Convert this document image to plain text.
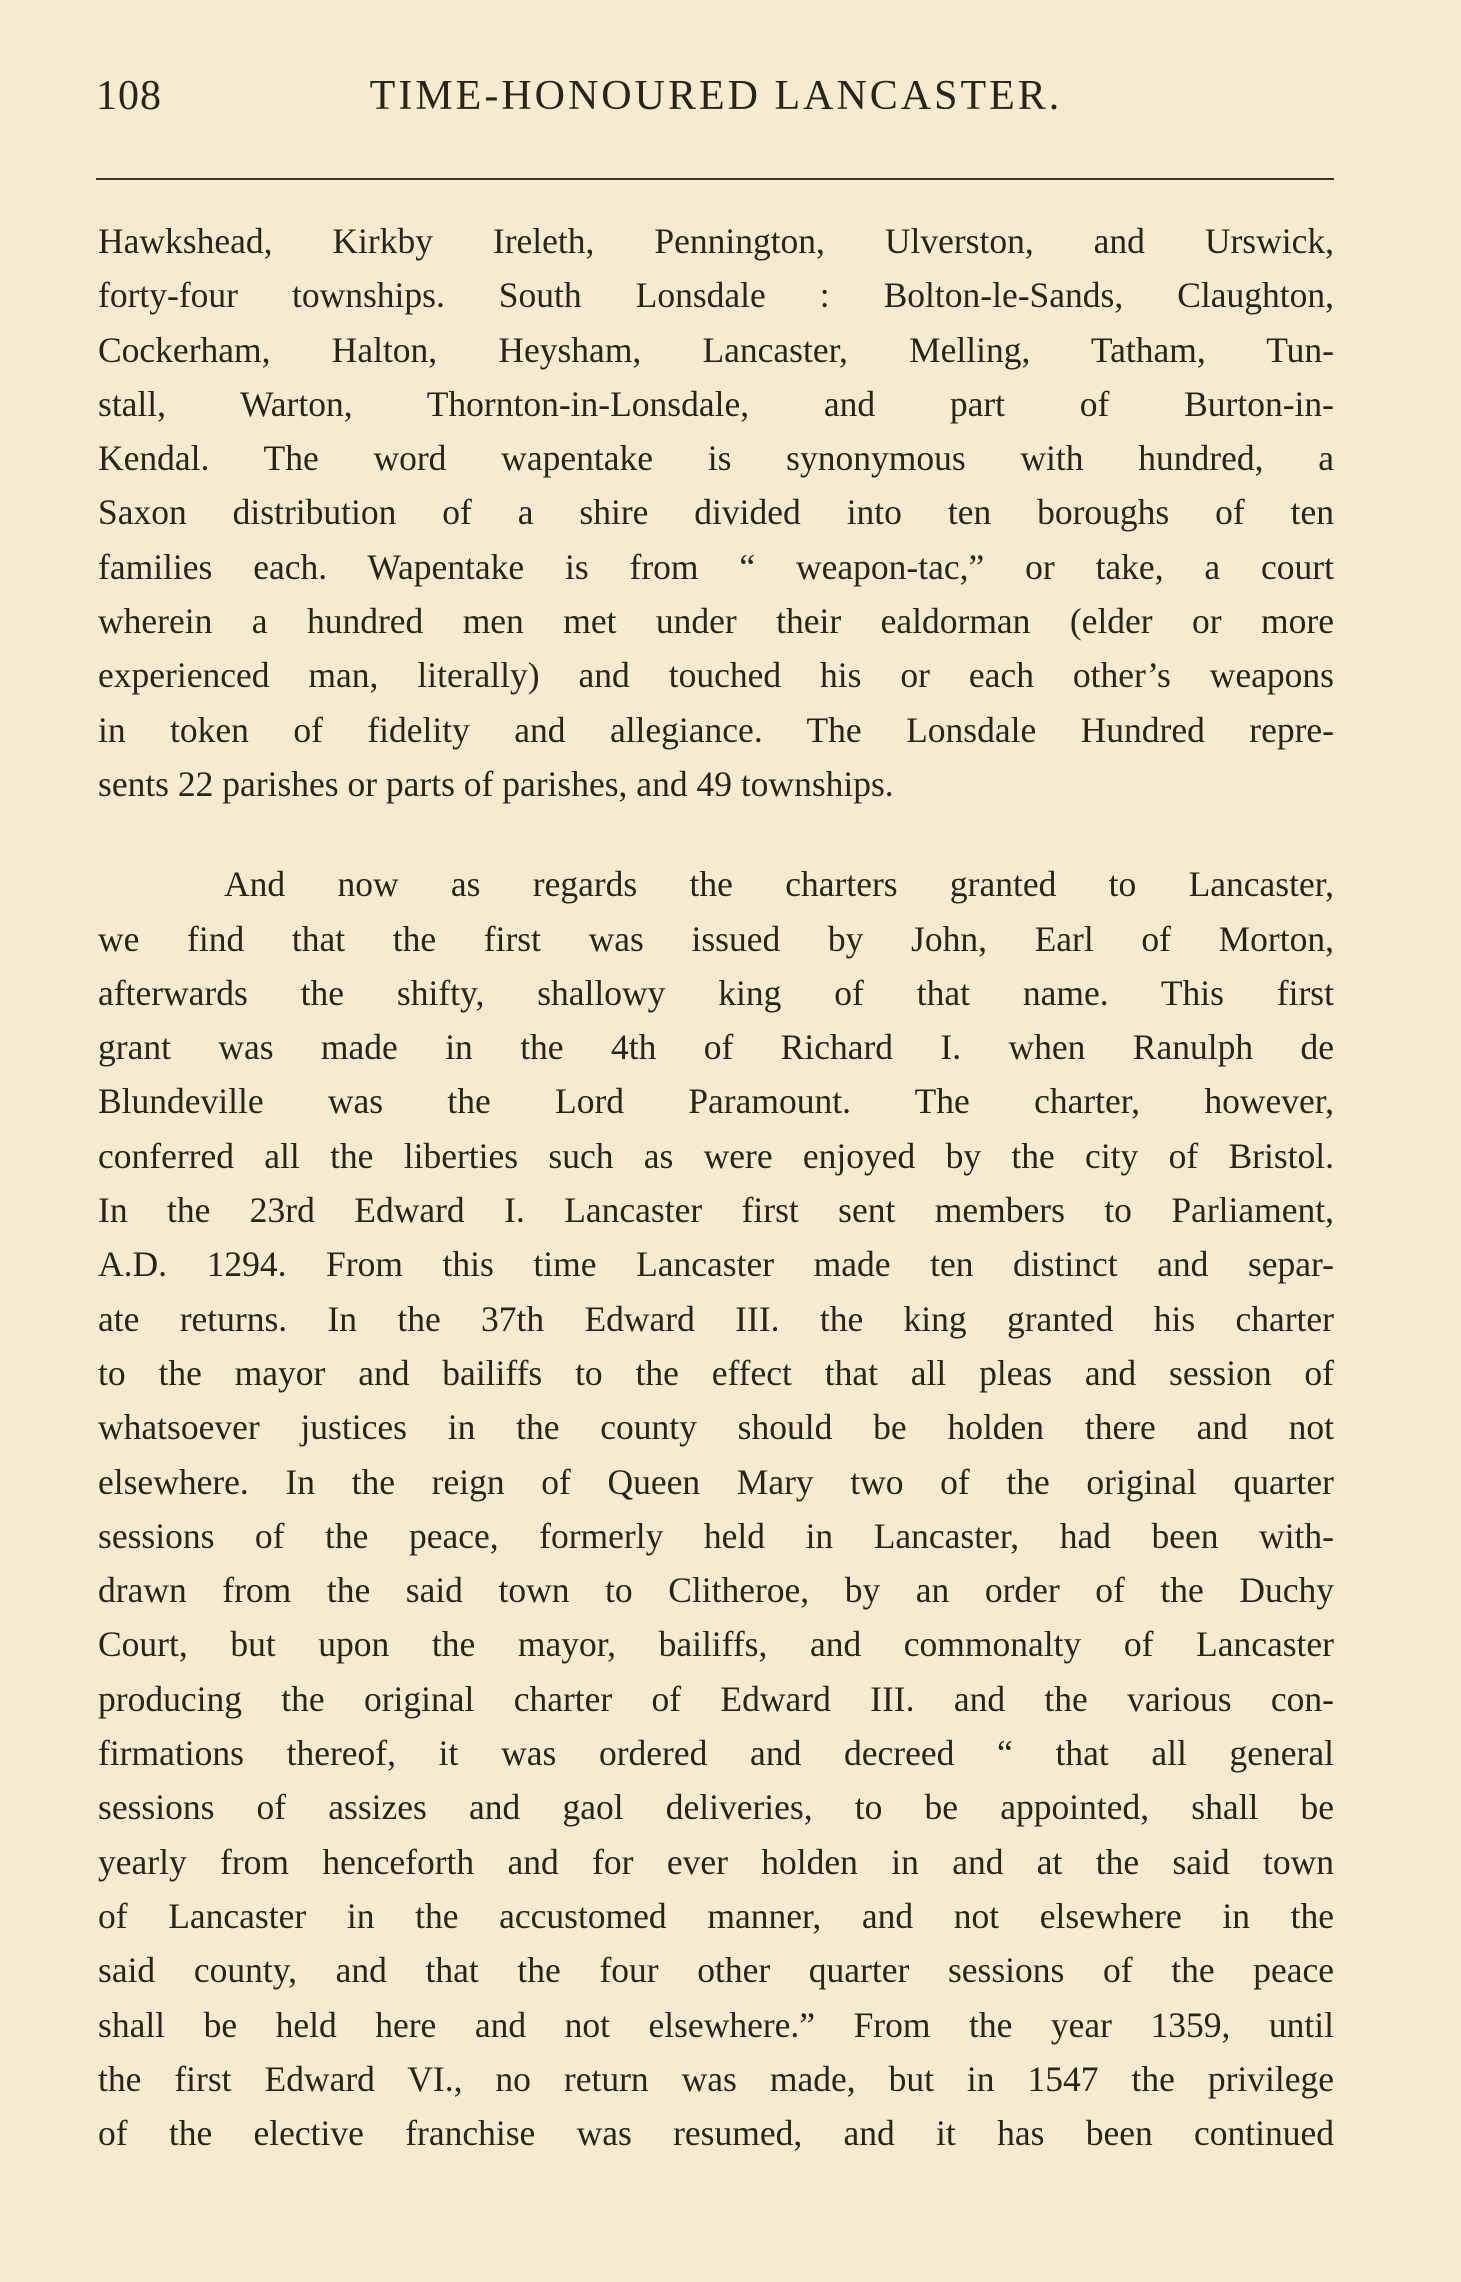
108	TIME-HONOURED LANCASTER.

Hawkshead, Kirkby Ireleth, Pennington, Ulverston, and Urswick,
forty-four townships. South Lonsdale : Bolton-le-Sands, Claughton,
Cockerham, Halton, Heysham, Lancaster, Melling, Tatham, Tun-
stall, Warton, Thornton-in-Lonsdale, and part of Burton-in-
Kendal. The word wapentake is synonymous with hundred, a
Saxon distribution of a shire divided into ten boroughs of ten
families each. Wapentake is from “ weapon-tac,” or take, a court
wherein a hundred men met under their ealdorman (elder or more
experienced man, literally) and touched his or each other’s weapons
in token of fidelity and allegiance. The Lonsdale Hundred repre-
sents 22 parishes or parts of parishes, and 49 townships.

And now as regards the charters granted to Lancaster,
we find that the first was issued by John, Earl of Morton,
afterwards the shifty, shallowy king of that name. This first
grant was made in the 4th of Richard I. when Ranulph de
Blundeville was the Lord Paramount. The charter, however,
conferred all the liberties such as were enjoyed by the city of Bristol.
In the 23rd Edward I. Lancaster first sent members to Parliament,
A.D. 1294. From this time Lancaster made ten distinct and separ-
ate returns. In the 37th Edward III. the king granted his charter
to the mayor and bailiffs to the effect that all pleas and session of
whatsoever justices in the county should be holden there and not
elsewhere. In the reign of Queen Mary two of the original quarter
sessions of the peace, formerly held in Lancaster, had been with-
drawn from the said town to Clitheroe, by an order of the Duchy
Court, but upon the mayor, bailiffs, and commonalty of Lancaster
producing the original charter of Edward III. and the various con-
firmations thereof, it was ordered and decreed “ that all general
sessions of assizes and gaol deliveries, to be appointed, shall be
yearly from henceforth and for ever holden in and at the said town
of Lancaster in the accustomed manner, and not elsewhere in the
said county, and that the four other quarter sessions of the peace
shall be held here and not elsewhere.” From the year 1359, until
the first Edward VI., no return was made, but in 1547 the privilege
of the elective franchise was resumed, and it has been continued
